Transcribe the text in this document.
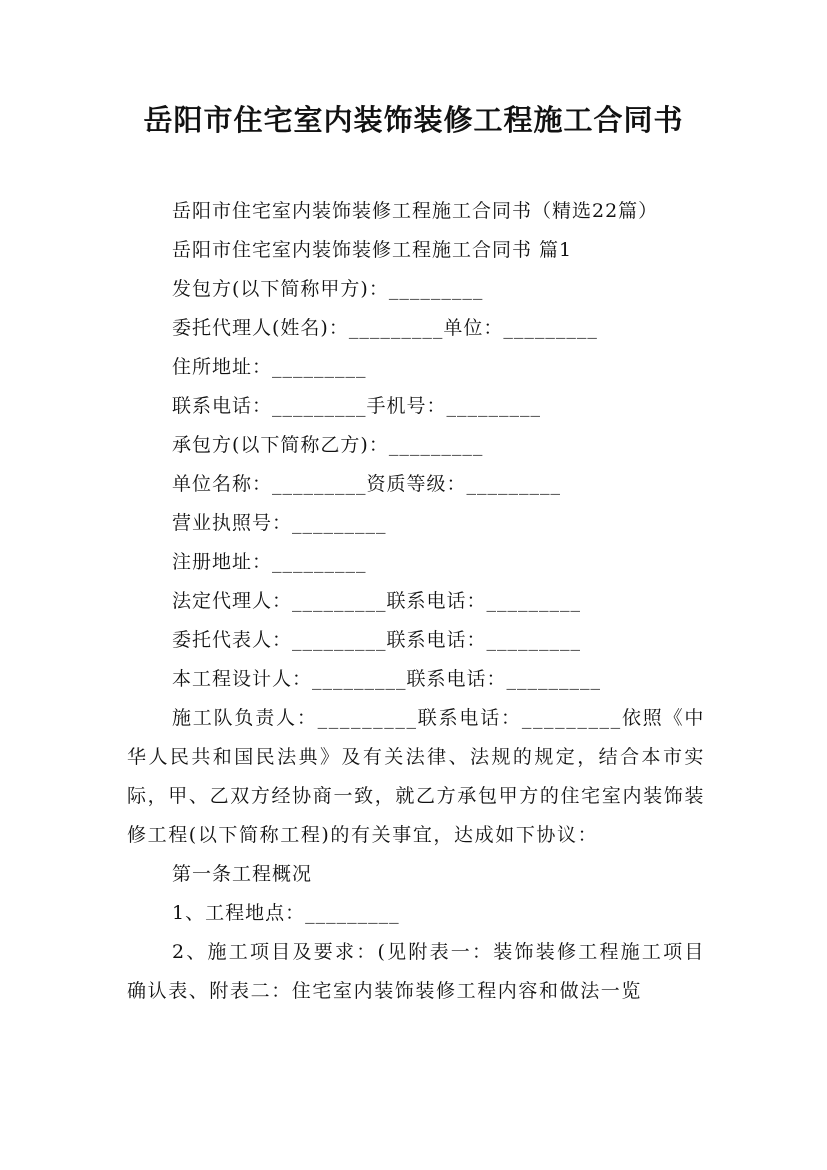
岳阳市住宅室内装饰装修工程施工合同书
岳阳市住宅室内装饰装修工程施工合同书（精选22篇）
岳阳市住宅室内装饰装修工程施工合同书 篇1
发包方(以下简称甲方)：_________
委托代理人(姓名)：_________单位：_________
住所地址：_________
联系电话：_________手机号：_________
承包方(以下简称乙方)：_________
单位名称：_________资质等级：_________
营业执照号：_________
注册地址：_________
法定代理人：_________联系电话：_________
委托代表人：_________联系电话：_________
本工程设计人：_________联系电话：_________
施工队负责人：_________联系电话：_________依照《中华人民共和国民法典》及有关法律、法规的规定，结合本市实际，甲、乙双方经协商一致，就乙方承包甲方的住宅室内装饰装修工程(以下简称工程)的有关事宜，达成如下协议：
第一条工程概况
1、工程地点：_________
2、施工项目及要求：(见附表一：装饰装修工程施工项目确认表、附表二：住宅室内装饰装修工程内容和做法一览
